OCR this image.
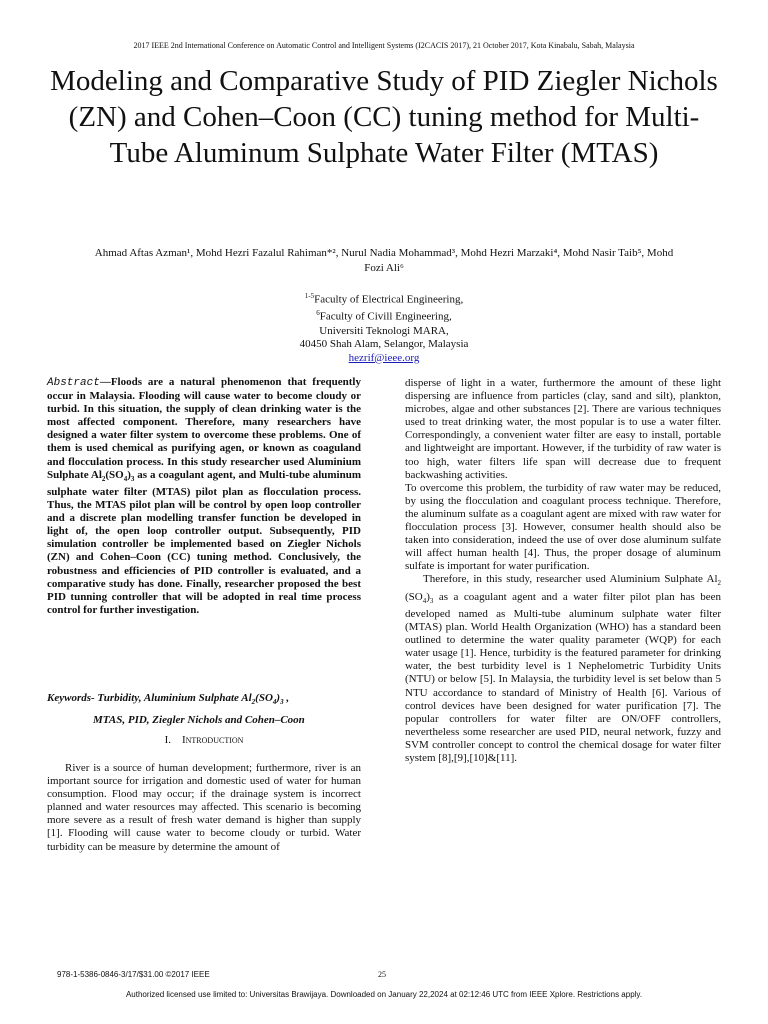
2017 IEEE 2nd International Conference on Automatic Control and Intelligent Systems (I2CACIS 2017), 21 October 2017, Kota Kinabalu, Sabah, Malaysia
Modeling and Comparative Study of PID Ziegler Nichols (ZN) and Cohen–Coon (CC) tuning method for Multi-Tube Aluminum Sulphate Water Filter (MTAS)
Ahmad Aftas Azman¹, Mohd Hezri Fazalul Rahiman*², Nurul Nadia Mohammad³, Mohd Hezri Marzaki⁴, Mohd Nasir Taib⁵, Mohd Fozi Ali⁶
$^{1-5}$Faculty of Electrical Engineering,
$^6$Faculty of Civill Engineering,
Universiti Teknologi MARA,
40450 Shah Alam, Selangor, Malaysia
hezrif@ieee.org
Abstract—Floods are a natural phenomenon that frequently occur in Malaysia. Flooding will cause water to become cloudy or turbid. In this situation, the supply of clean drinking water is the most affected component. Therefore, many researchers have designed a water filter system to overcome these problems. One of them is used chemical as purifying agen, or known as coaguland and flocculation process. In this study researcher used Aluminium Sulphate $Al_2(SO_4)_3$ as a coagulant agent, and Multi-tube aluminum sulphate water filter (MTAS) pilot plan as flocculation process. Thus, the MTAS pilot plan will be control by open loop controller and a discrete plan modelling transfer function be developed in light of, the open loop controller output. Subsequently, PID simulation controller be implemented based on Ziegler Nichols (ZN) and Cohen–Coon (CC) tuning method. Conclusively, the robustness and efficiencies of PID controller is evaluated, and a comparative study has done. Finally, researcher proposed the best PID tunning controller that will be adopted in real time process control for further investigation.
Keywords- Turbidity, Aluminium Sulphate $Al_2(SO_4)_3$ ,
MTAS, PID, Ziegler Nichols and Cohen–Coon
I. Introduction
River is a source of human development; furthermore, river is an important source for irrigation and domestic used of water for human consumption. Flood may occur; if the drainage system is incorrect planned and water resources may affected. This scenario is becoming more severe as a result of fresh water demand is higher than supply [1]. Flooding will cause water to become cloudy or turbid. Water turbidity can be measure by determine the amount of

disperse of light in a water, furthermore the amount of these light dispersing are influence from particles (clay, sand and silt), plankton, microbes, algae and other substances [2]. There are various techniques used to treat drinking water, the most popular is to use a water filter. Correspondingly, a convenient water filter are easy to install, portable and lightweight are important. However, if the turbidity of raw water is too high, water filters life span will decrease due to frequent backwashing activities.

To overcome this problem, the turbidity of raw water may be reduced, by using the flocculation and coagulant process technique. Therefore, the aluminum sulfate as a coagulant agent are mixed with raw water for flocculation process [3]. However, consumer health should also be taken into consideration, indeed the use of over dose aluminum sulfate will affect human health [4]. Thus, the proper dosage of aluminum sulfate is important for water purification.

Therefore, in this study, researcher used Aluminium Sulphate $Al_2$ $(SO_4)_3$ as a coagulant agent and a water filter pilot plan has been developed named as Multi-tube aluminum sulphate water filter (MTAS) plan. World Health Organization (WHO) has a standard been outlined to determine the water quality parameter (WQP) for each water usage [1]. Hence, turbidity is the featured parameter for drinking water, the best turbidity level is 1 Nephelometric Turbidity Units (NTU) or below [5]. In Malaysia, the turbidity level is set below than 5 NTU accordance to standard of Ministry of Health [6]. Various of control devices have been designed for water purification [7]. The popular controllers for water filter are ON/OFF controllers, nevertheless some researcher are used PID, neural network, fuzzy and SVM controller concept to control the chemical dosage for water filter system [8],[9],[10]&[11].

978-1-5386-0846-3/17/$31.00 ©2017 IEEE	25
Authorized licensed use limited to: Universitas Brawijaya. Downloaded on January 22,2024 at 02:12:46 UTC from IEEE Xplore. Restrictions apply.
